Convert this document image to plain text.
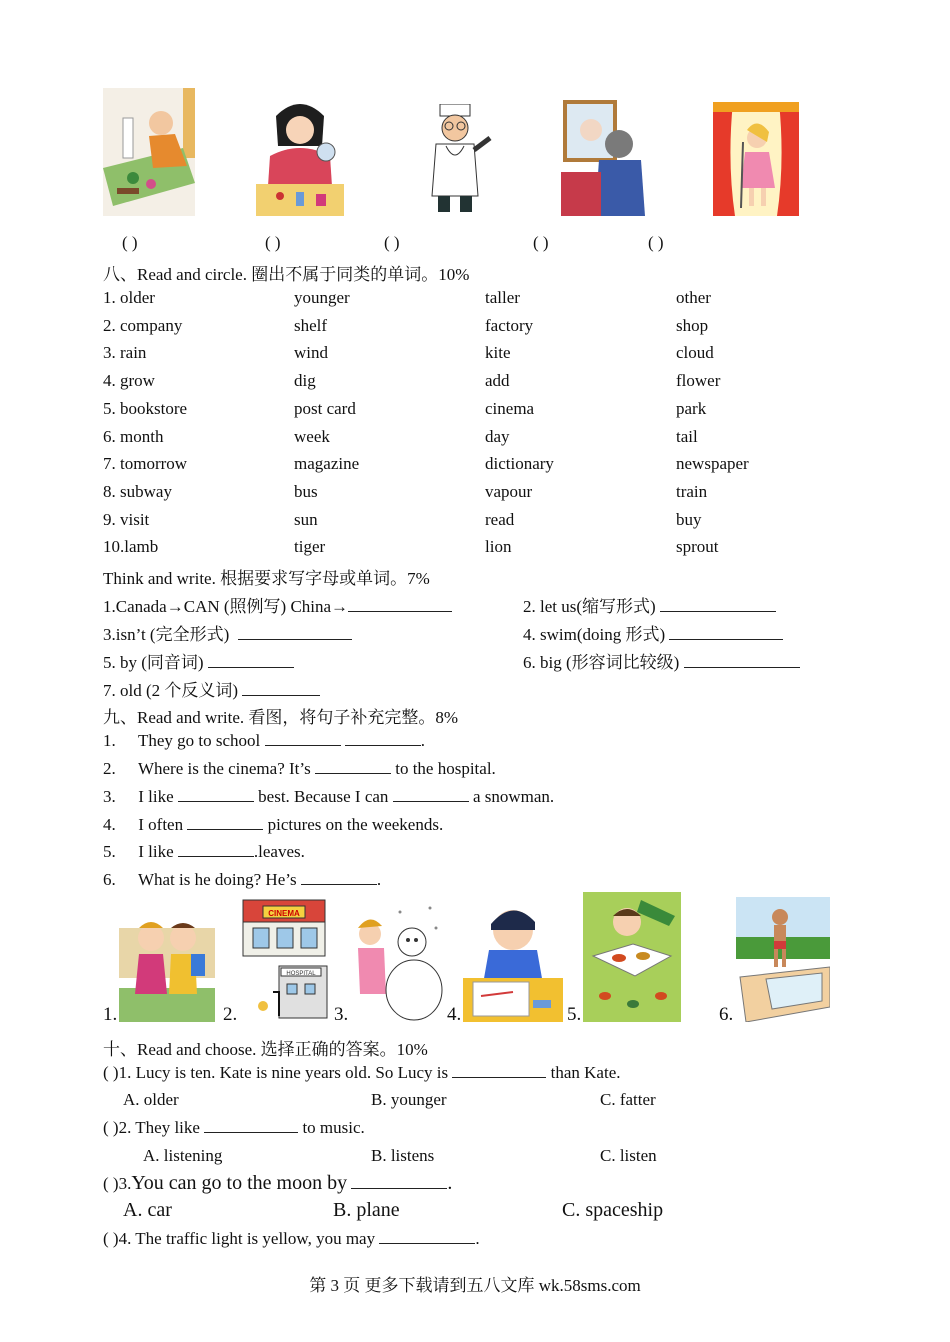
( )	( )	( )	( )	( )
八、Read and circle. 圈出不属于同类的单词。10%
1. older	younger	taller	other
2. company	shelf	factory	shop
3. rain	wind	kite	cloud
4. grow	dig	add	flower
5. bookstore	post card	cinema	park
6. month	week	day	tail
7. tomorrow	magazine	dictionary	newspaper
8. subway	bus	vapour	train
9. visit	sun	read	buy
10.lamb	tiger	lion	sprout
Think and write. 根据要求写字母或单词。7%
1.Canada→CAN (照例写) China→	2. let us(缩写形式)
3.isn’t (完全形式)	4. swim(doing 形式)
5. by (同音词)	6. big (形容词比较级)
7. old (2 个反义词)
九、Read and write. 看图，将句子补充完整。8%
1. They go to school	.
2. Where is the cinema? It’s	to the hospital.
3. I like	best. Because I can	a snowman.
4. I often	pictures on the weekends.
5. I like	.leaves.
6. What is he doing? He’s	.
1.	2.
CINEMA
HOSPITAL
3.	4.	5.	6.
十、Read and choose. 选择正确的答案。10%
( )1. Lucy is ten. Kate is nine years old. So Lucy is	than Kate.
A. older	B. younger	C. fatter
( )2. They like	to music.
A. listening	B. listens	C. listen
( )3.You can go to the moon by	.
A. car	B. plane	C. spaceship
( )4. The traffic light is yellow, you may	.
第 3 页 更多下载请到五八文库 wk.58sms.com
